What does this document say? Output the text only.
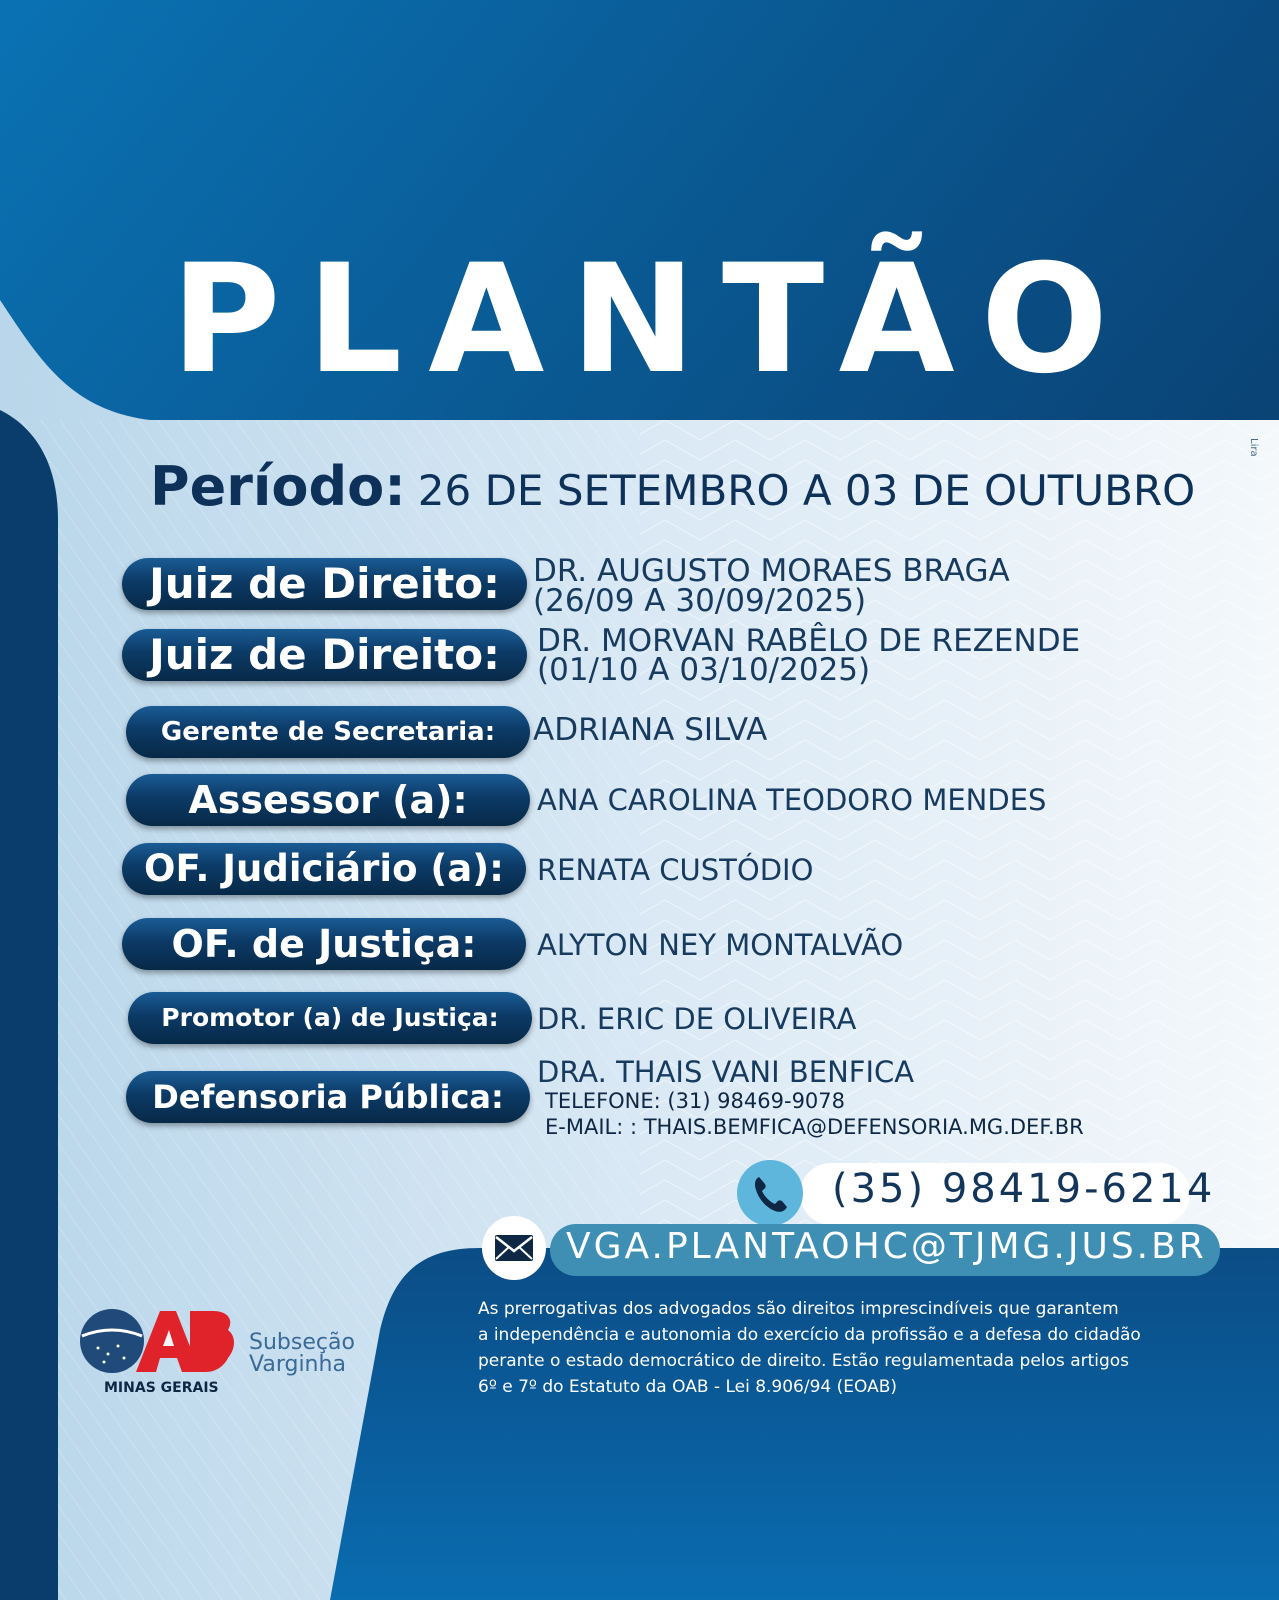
PLANTÃO
Período: 26 DE SETEMBRO A 03 DE OUTUBRO
Juiz de Direito:	DR. AUGUSTO MORAES BRAGA
(26/09 A 30/09/2025)
Juiz de Direito:	DR. MORVAN RABÊLO DE REZENDE
(01/10 A 03/10/2025)
Gerente de Secretaria:	ADRIANA SILVA
Assessor (a):	ANA CAROLINA TEODORO MENDES
OF. Judiciário (a):	RENATA CUSTÓDIO
OF. de Justiça:	ALYTON NEY MONTALVÃO
Promotor (a) de Justiça:	DR. ERIC DE OLIVEIRA
Defensoria Pública:
DRA. THAIS VANI BENFICA
TELEFONE: (31) 98469-9078
E-MAIL: : THAIS.BEMFICA@DEFENSORIA.MG.DEF.BR
(35) 98419-6214
VGA.PLANTAOHC@TJMG.JUS.BR
As prerrogativas dos advogados são direitos imprescindíveis que garantem
a independência e autonomia do exercício da profissão e a defesa do cidadão
perante o estado democrático de direito. Estão regulamentada pelos artigos
6º e 7º do Estatuto da OAB - Lei 8.906/94 (EOAB)
MINAS GERAIS
Subseção
Varginha
Lira
